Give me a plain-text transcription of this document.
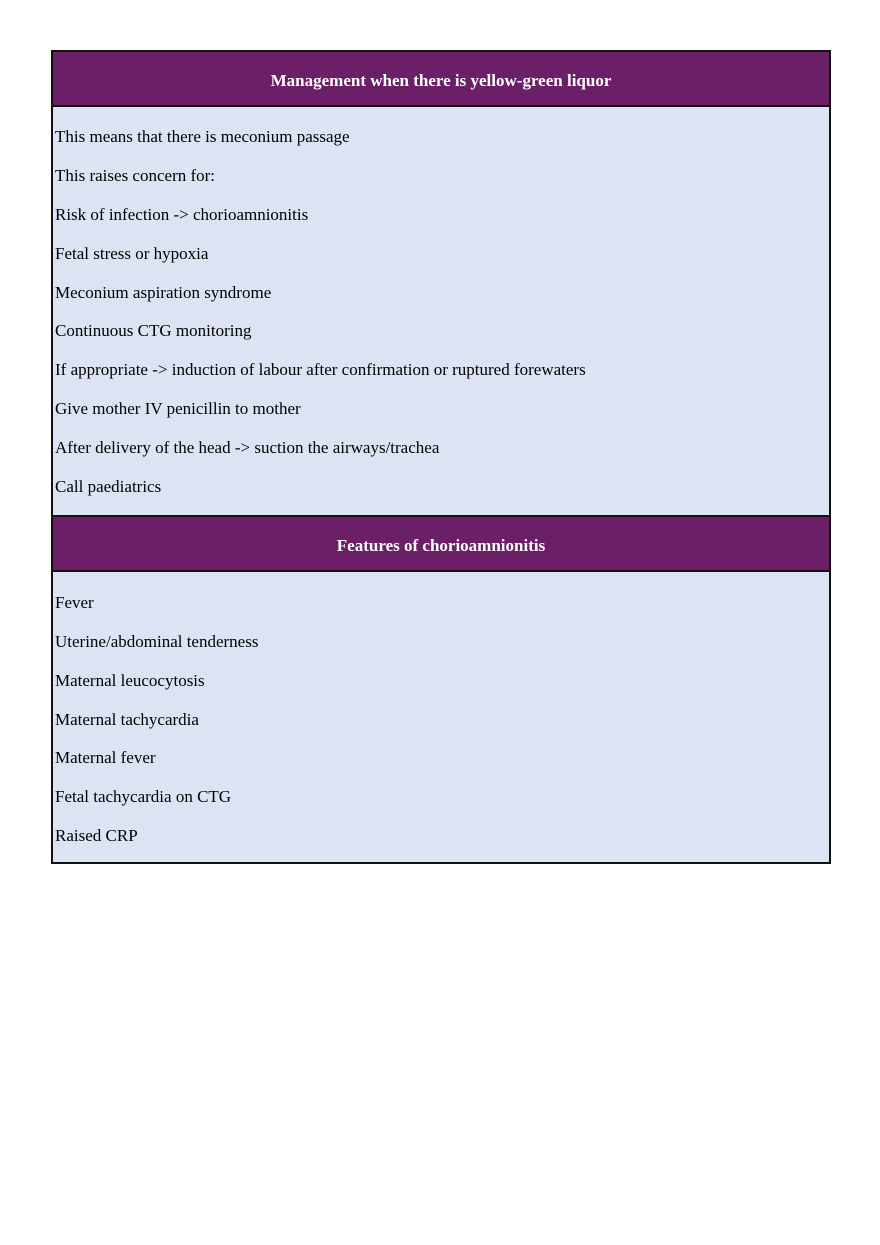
Management when there is yellow-green liquor
This means that there is meconium passage
This raises concern for:
Risk of infection -> chorioamnionitis
Fetal stress or hypoxia
Meconium aspiration syndrome
Continuous CTG monitoring
If appropriate -> induction of labour after confirmation or ruptured forewaters
Give mother IV penicillin to mother
After delivery of the head -> suction the airways/trachea
Call paediatrics
Features of chorioamnionitis
Fever
Uterine/abdominal tenderness
Maternal leucocytosis
Maternal tachycardia
Maternal fever
Fetal tachycardia on CTG
Raised CRP
